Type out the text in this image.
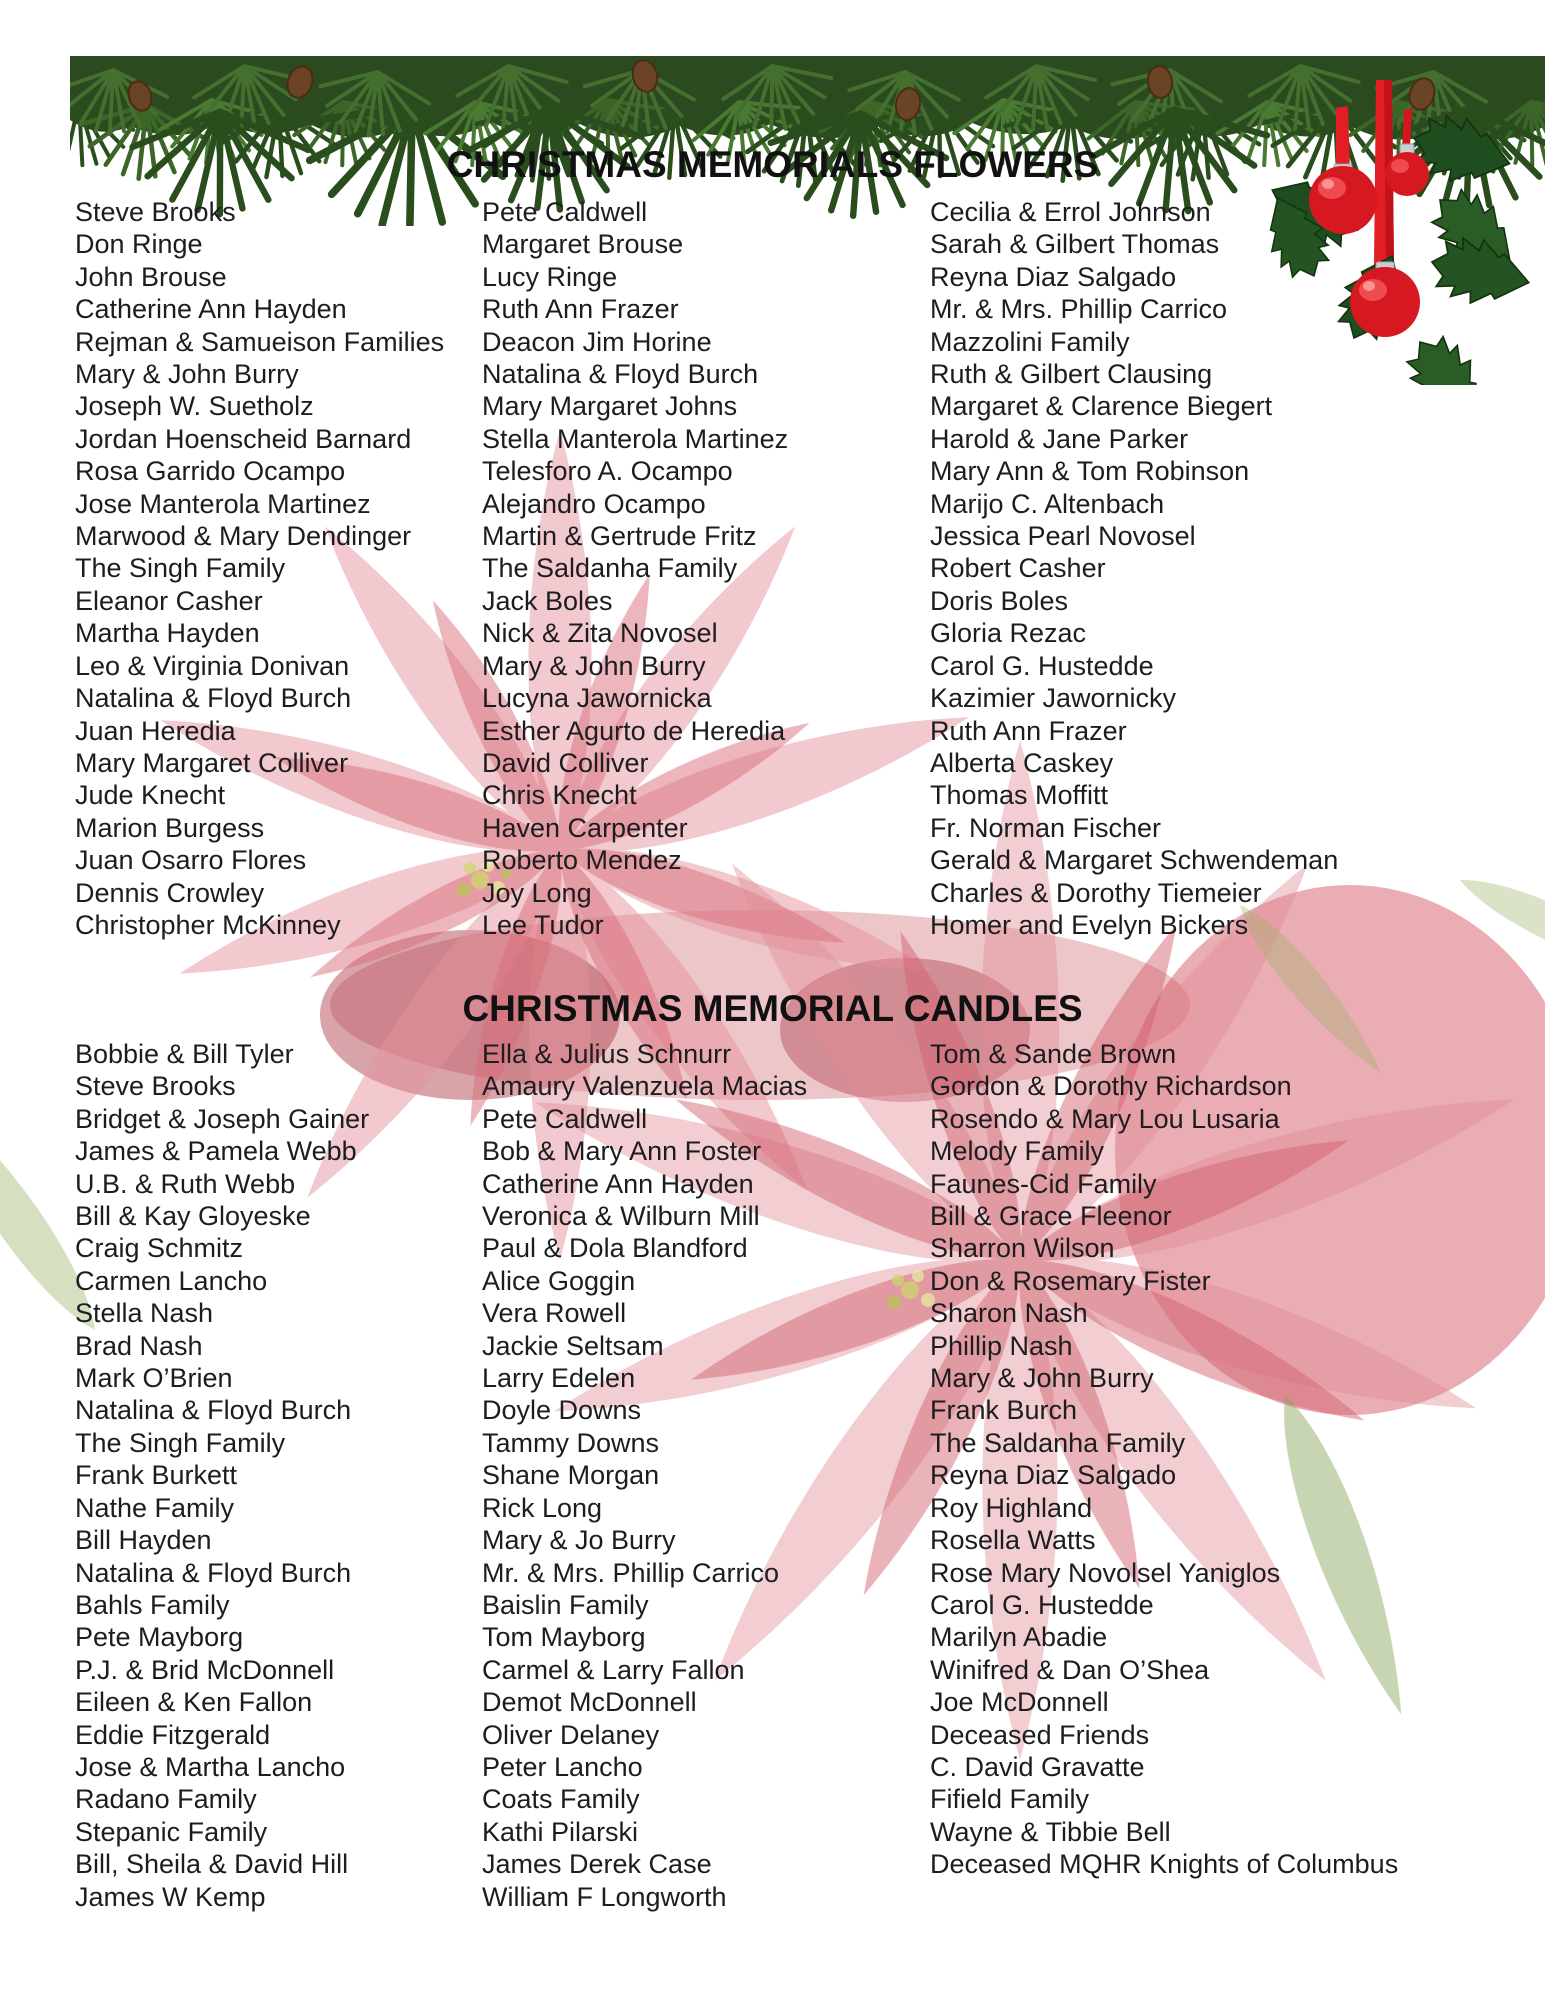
CHRISTMAS MEMORIALS FLOWERS
Steve Brooks
Don Ringe
John Brouse
Catherine Ann Hayden
Rejman & Samueison Families
Mary & John Burry
Joseph W. Suetholz
Jordan Hoenscheid Barnard
Rosa Garrido Ocampo
Jose Manterola Martinez
Marwood & Mary Dendinger
The Singh Family
Eleanor Casher
Martha Hayden
Leo & Virginia Donivan
Natalina & Floyd Burch
Juan Heredia
Mary Margaret Colliver
Jude Knecht
Marion Burgess
Juan Osarro Flores
Dennis Crowley
Christopher McKinney
Pete Caldwell
Margaret Brouse
Lucy Ringe
Ruth Ann Frazer
Deacon Jim Horine
Natalina & Floyd Burch
Mary Margaret Johns
Stella Manterola Martinez
Telesforo A. Ocampo
Alejandro Ocampo
Martin & Gertrude Fritz
The Saldanha Family
Jack Boles
Nick & Zita Novosel
Mary & John Burry
Lucyna Jawornicka
Esther Agurto de Heredia
David Colliver
Chris Knecht
Haven Carpenter
Roberto Mendez
Joy Long
Lee Tudor
Cecilia & Errol Johnson
Sarah & Gilbert Thomas
Reyna Diaz Salgado
Mr. & Mrs. Phillip Carrico
Mazzolini Family
Ruth & Gilbert Clausing
Margaret & Clarence Biegert
Harold & Jane Parker
Mary Ann & Tom Robinson
Marijo C. Altenbach
Jessica Pearl Novosel
Robert Casher
Doris Boles
Gloria Rezac
Carol G. Hustedde
Kazimier Jawornicky
Ruth Ann Frazer
Alberta Caskey
Thomas Moffitt
Fr. Norman Fischer
Gerald & Margaret Schwendeman
Charles & Dorothy Tiemeier
Homer and Evelyn Bickers
CHRISTMAS MEMORIAL CANDLES
Bobbie & Bill Tyler
Steve Brooks
Bridget & Joseph Gainer
James & Pamela Webb
U.B. & Ruth Webb
Bill & Kay Gloyeske
Craig Schmitz
Carmen Lancho
Stella Nash
Brad Nash
Mark O’Brien
Natalina & Floyd Burch
The Singh Family
Frank Burkett
Nathe Family
Bill Hayden
Natalina & Floyd Burch
Bahls Family
Pete Mayborg
P.J. & Brid McDonnell
Eileen & Ken Fallon
Eddie Fitzgerald
Jose & Martha Lancho
Radano Family
Stepanic Family
Bill, Sheila & David Hill
James W Kemp
Ella & Julius Schnurr
Amaury Valenzuela Macias
Pete Caldwell
Bob & Mary Ann Foster
Catherine Ann Hayden
Veronica & Wilburn Mill
Paul & Dola Blandford
Alice Goggin
Vera Rowell
Jackie Seltsam
Larry Edelen
Doyle Downs
Tammy Downs
Shane Morgan
Rick Long
Mary & Jo Burry
Mr. & Mrs. Phillip Carrico
Baislin Family
Tom Mayborg
Carmel & Larry Fallon
Demot McDonnell
Oliver Delaney
Peter Lancho
Coats Family
Kathi Pilarski
James Derek Case
William F Longworth
Tom & Sande Brown
Gordon & Dorothy Richardson
Rosendo & Mary Lou Lusaria
Melody Family
Faunes-Cid Family
Bill & Grace Fleenor
Sharron Wilson
Don & Rosemary Fister
Sharon Nash
Phillip Nash
Mary & John Burry
Frank Burch
The Saldanha Family
Reyna Diaz Salgado
Roy Highland
Rosella Watts
Rose Mary Novolsel Yaniglos
Carol G. Hustedde
Marilyn Abadie
Winifred & Dan O’Shea
Joe McDonnell
Deceased Friends
C. David Gravatte
Fifield Family
Wayne & Tibbie Bell
Deceased MQHR Knights of Columbus
